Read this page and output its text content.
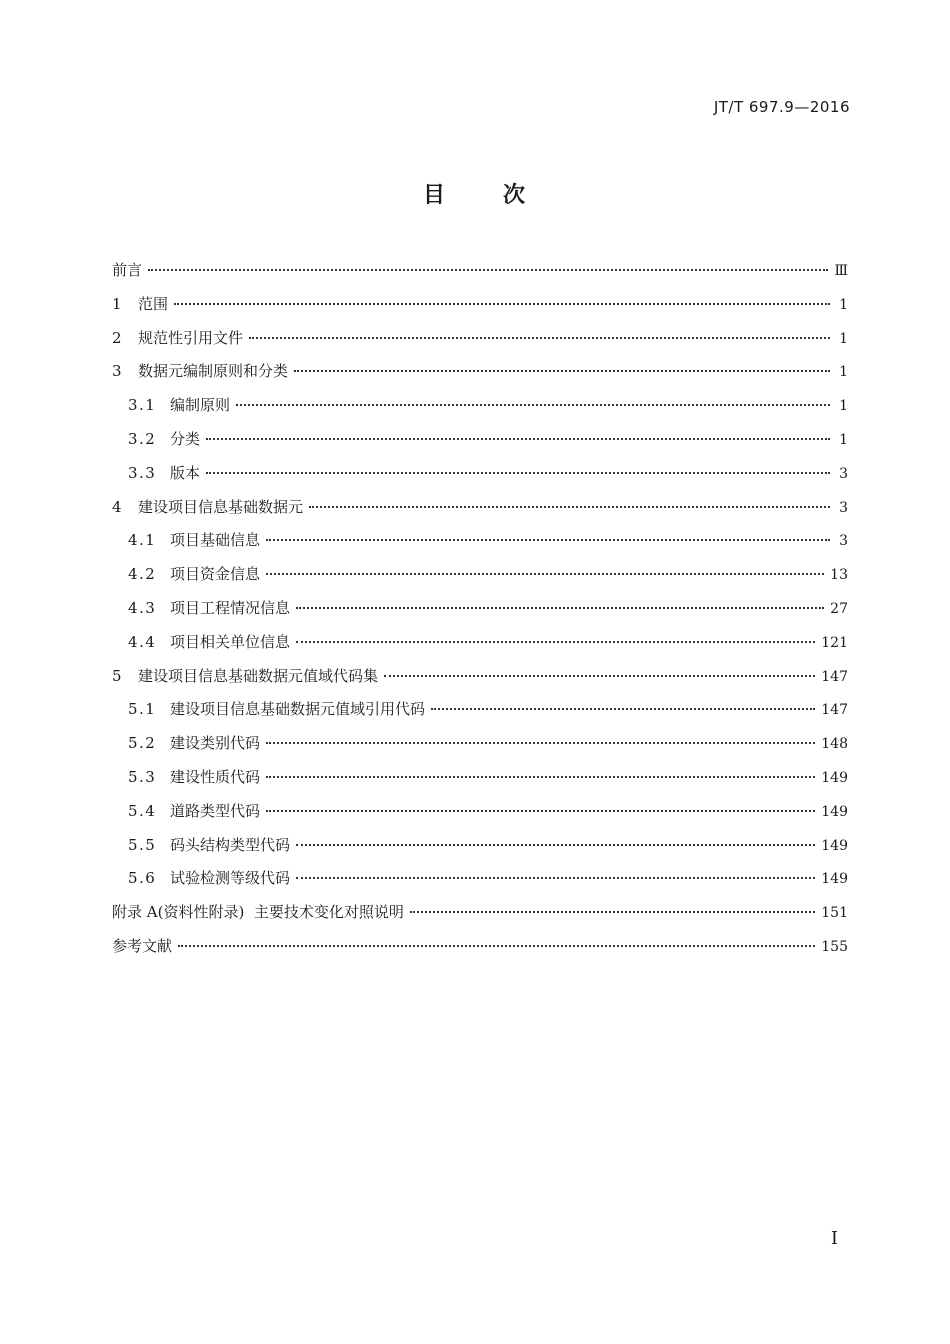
JT/T 697.9—2016
目	次
前言	Ⅲ
1	范围	1
2	规范性引用文件	1
3	数据元编制原则和分类	1
3.1 编制原则	1
3.2 分类	1
3.3 版本	3
4	建设项目信息基础数据元	3
4.1 项目基础信息	3
4.2 项目资金信息	13
4.3 项目工程情况信息	27
4.4 项目相关单位信息	121
5	建设项目信息基础数据元值域代码集	147
5.1 建设项目信息基础数据元值域引用代码	147
5.2 建设类别代码	148
5.3 建设性质代码	149
5.4 道路类型代码	149
5.5 码头结构类型代码	149
5.6 试验检测等级代码	149
附录 A(资料性附录)  主要技术变化对照说明	151
参考文献	155
I
